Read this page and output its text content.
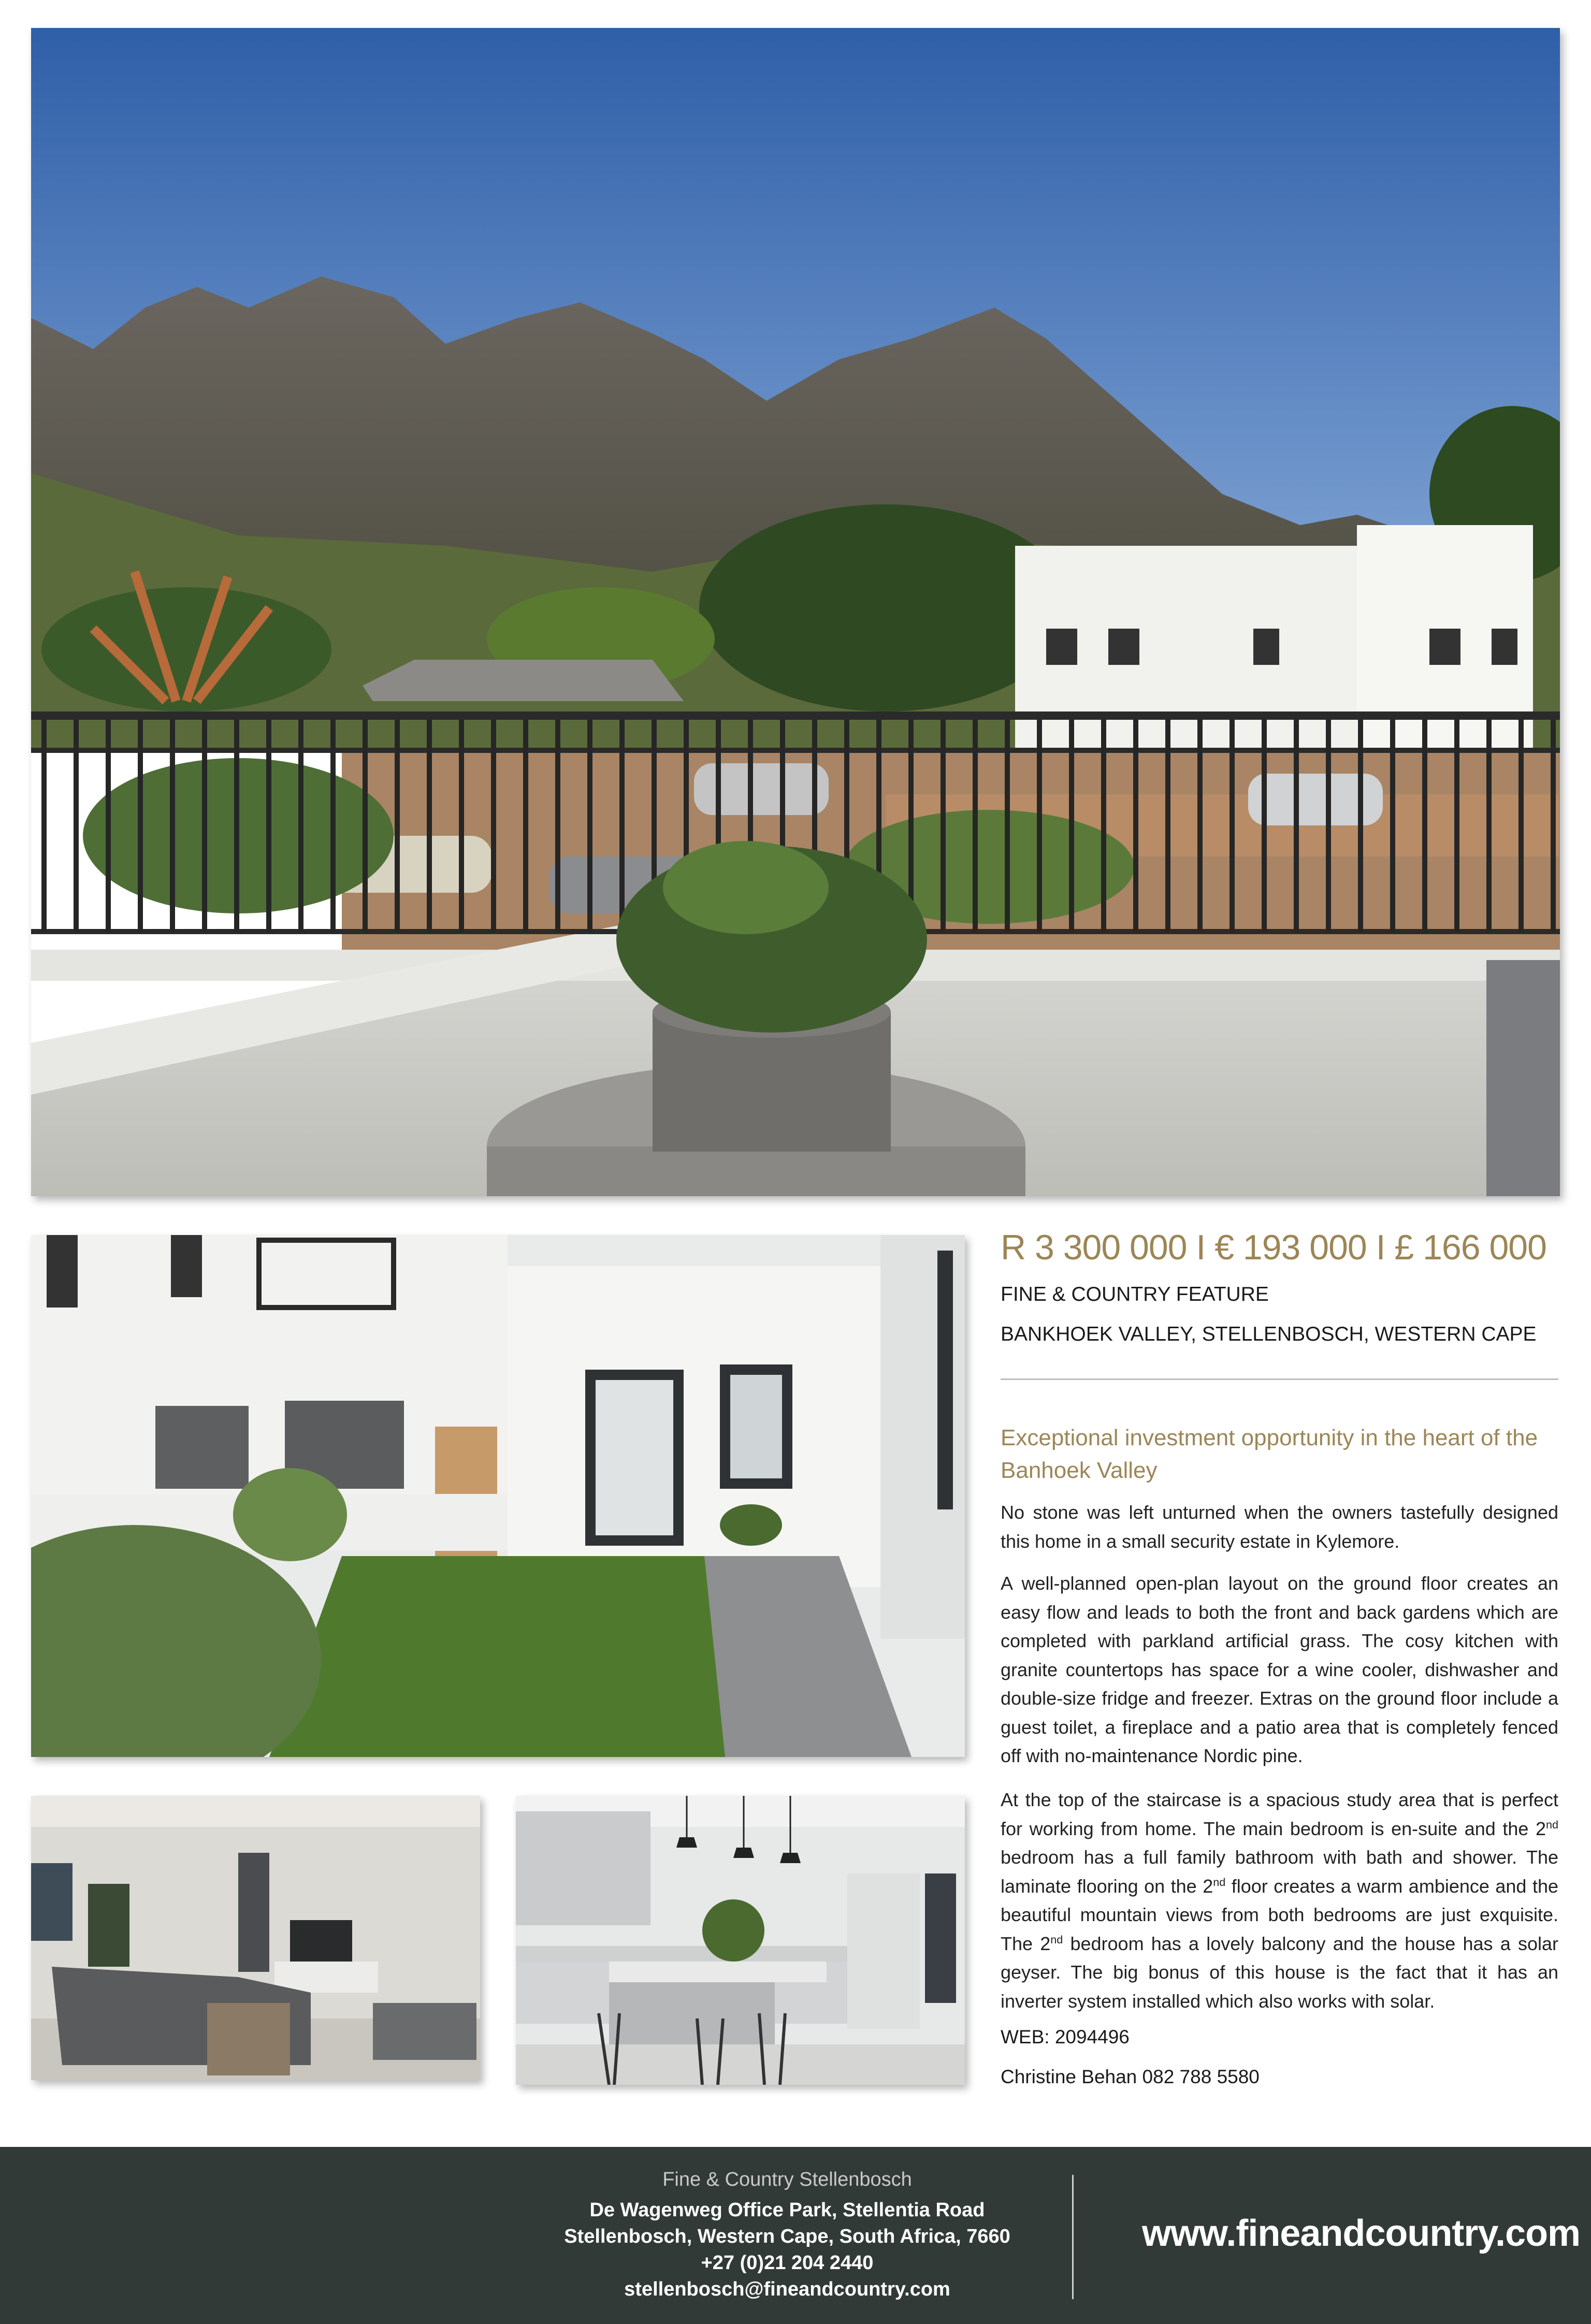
R 3 300 000 I € 193 000 I £ 166 000
FINE & COUNTRY FEATURE
BANKHOEK VALLEY, STELLENBOSCH, WESTERN CAPE
Exceptional investment opportunity in the heart of the Banhoek Valley
No stone was left unturned when the owners tastefully designed this home in a small security estate in Kylemore.
A well-planned open-plan layout on the ground floor creates an easy flow and leads to both the front and back gardens which are completed with parkland artificial grass. The cosy kitchen with granite countertops has space for a wine cooler, dishwasher and double-size fridge and freezer. Extras on the ground floor include a guest toilet, a fireplace and a patio area that is completely fenced off with no-maintenance Nordic pine.
At the top of the staircase is a spacious study area that is perfect for working from home. The main bedroom is en-suite and the 2nd bedroom has a full family bathroom with bath and shower. The laminate flooring on the 2nd floor creates a warm ambience and the beautiful mountain views from both bedrooms are just exquisite. The 2nd bedroom has a lovely balcony and the house has a solar geyser. The big bonus of this house is the fact that it has an inverter system installed which also works with solar.
WEB: 2094496
Christine Behan 082 788 5580
Fine & Country Stellenbosch
De Wagenweg Office Park, Stellentia Road
Stellenbosch, Western Cape, South Africa, 7660
+27 (0)21 204 2440
stellenbosch@fineandcountry.com
www.fineandcountry.com
